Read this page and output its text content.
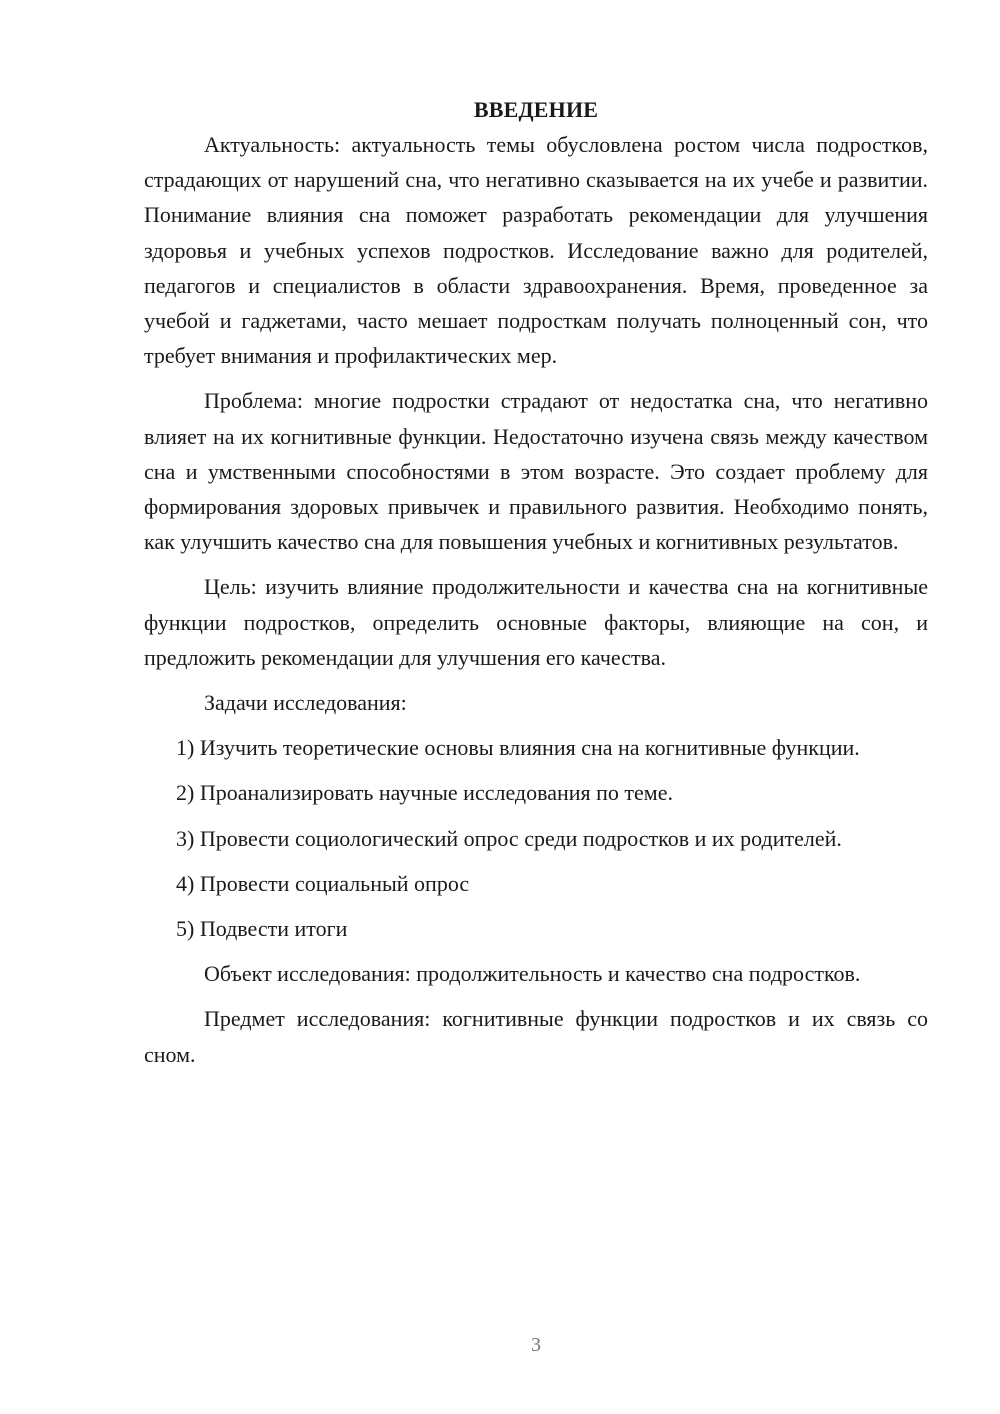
ВВЕДЕНИЕ

Актуальность: актуальность темы обусловлена ростом числа подростков, страдающих от нарушений сна, что негативно сказывается на их учебе и развитии. Понимание влияния сна поможет разработать рекомендации для улучшения здоровья и учебных успехов подростков. Исследование важно для родителей, педагогов и специалистов в области здравоохранения. Время, проведенное за учебой и гаджетами, часто мешает подросткам получать полноценный сон, что требует внимания и профилактических мер.

Проблема: многие подростки страдают от недостатка сна, что негативно влияет на их когнитивные функции. Недостаточно изучена связь между качеством сна и умственными способностями в этом возрасте. Это создает проблему для формирования здоровых привычек и правильного развития. Необходимо понять, как улучшить качество сна для повышения учебных и когнитивных результатов.

Цель: изучить влияние продолжительности и качества сна на когнитивные функции подростков, определить основные факторы, влияющие на сон, и предложить рекомендации для улучшения его качества.

Задачи исследования:

1) Изучить теоретические основы влияния сна на когнитивные функции.

2) Проанализировать научные исследования по теме.

3) Провести социологический опрос среди подростков и их родителей.

4) Провести социальный опрос

5) Подвести итоги

Объект исследования: продолжительность и качество сна подростков.

Предмет исследования: когнитивные функции подростков и их связь со сном.

3
